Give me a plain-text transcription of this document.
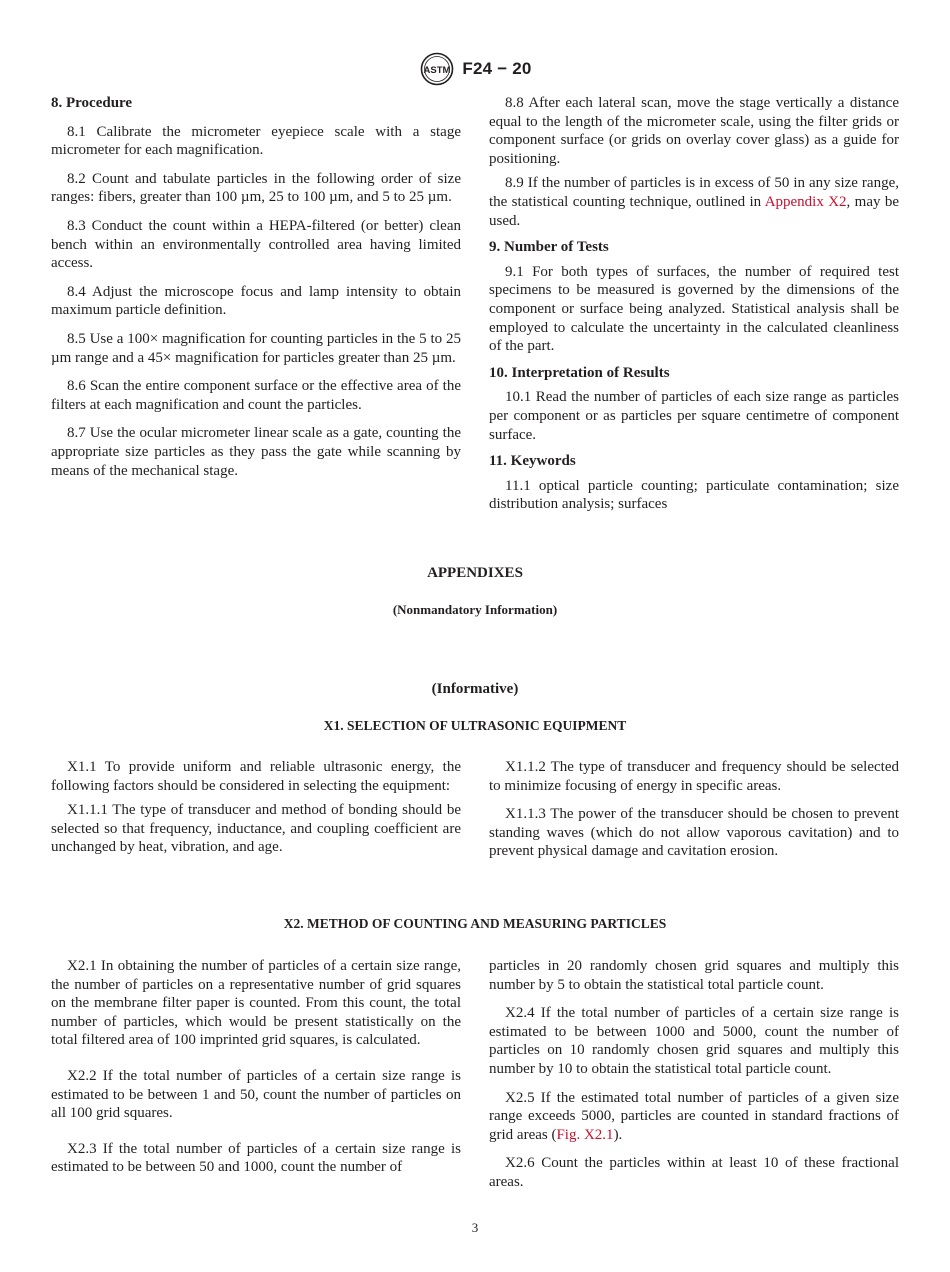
ASTM F24 − 20
8. Procedure

8.1 Calibrate the micrometer eyepiece scale with a stage micrometer for each magnification.

8.2 Count and tabulate particles in the following order of size ranges: fibers, greater than 100 µm, 25 to 100 µm, and 5 to 25 µm.

8.3 Conduct the count within a HEPA-filtered (or better) clean bench within an environmentally controlled area having limited access.

8.4 Adjust the microscope focus and lamp intensity to obtain maximum particle definition.

8.5 Use a 100× magnification for counting particles in the 5 to 25 µm range and a 45× magnification for particles greater than 25 µm.

8.6 Scan the entire component surface or the effective area of the filters at each magnification and count the particles.

8.7 Use the ocular micrometer linear scale as a gate, counting the appropriate size particles as they pass the gate while scanning by means of the mechanical stage.

8.8 After each lateral scan, move the stage vertically a distance equal to the length of the micrometer scale, using the filter grids or component surface (or grids on overlay cover glass) as a guide for positioning.

8.9 If the number of particles is in excess of 50 in any size range, the statistical counting technique, outlined in Appendix X2, may be used.

9. Number of Tests

9.1 For both types of surfaces, the number of required test specimens to be measured is governed by the dimensions of the component or surface being analyzed. Statistical analysis shall be employed to calculate the uncertainty in the calculated cleanliness of the part.

10. Interpretation of Results

10.1 Read the number of particles of each size range as particles per component or as particles per square centimetre of component surface.

11. Keywords

11.1 optical particle counting; particulate contamination; size distribution analysis; surfaces

APPENDIXES
(Nonmandatory Information)
(Informative)
X1. SELECTION OF ULTRASONIC EQUIPMENT

X1.1 To provide uniform and reliable ultrasonic energy, the following factors should be considered in selecting the equipment:

X1.1.1 The type of transducer and method of bonding should be selected so that frequency, inductance, and coupling coefficient are unchanged by heat, vibration, and age.

X1.1.2 The type of transducer and frequency should be selected to minimize focusing of energy in specific areas.

X1.1.3 The power of the transducer should be chosen to prevent standing waves (which do not allow vaporous cavitation) and to prevent physical damage and cavitation erosion.

X2. METHOD OF COUNTING AND MEASURING PARTICLES

X2.1 In obtaining the number of particles of a certain size range, the number of particles on a representative number of grid squares on the membrane filter paper is counted. From this count, the total number of particles, which would be present statistically on the total filtered area of 100 imprinted grid squares, is calculated.

X2.2 If the total number of particles of a certain size range is estimated to be between 1 and 50, count the number of particles on all 100 grid squares.

X2.3 If the total number of particles of a certain size range is estimated to be between 50 and 1000, count the number of

particles in 20 randomly chosen grid squares and multiply this number by 5 to obtain the statistical total particle count.

X2.4 If the total number of particles of a certain size range is estimated to be between 1000 and 5000, count the number of particles on 10 randomly chosen grid squares and multiply this number by 10 to obtain the statistical total particle count.

X2.5 If the estimated total number of particles of a given size range exceeds 5000, particles are counted in standard fractions of grid areas (Fig. X2.1).

X2.6 Count the particles within at least 10 of these fractional areas.

3
